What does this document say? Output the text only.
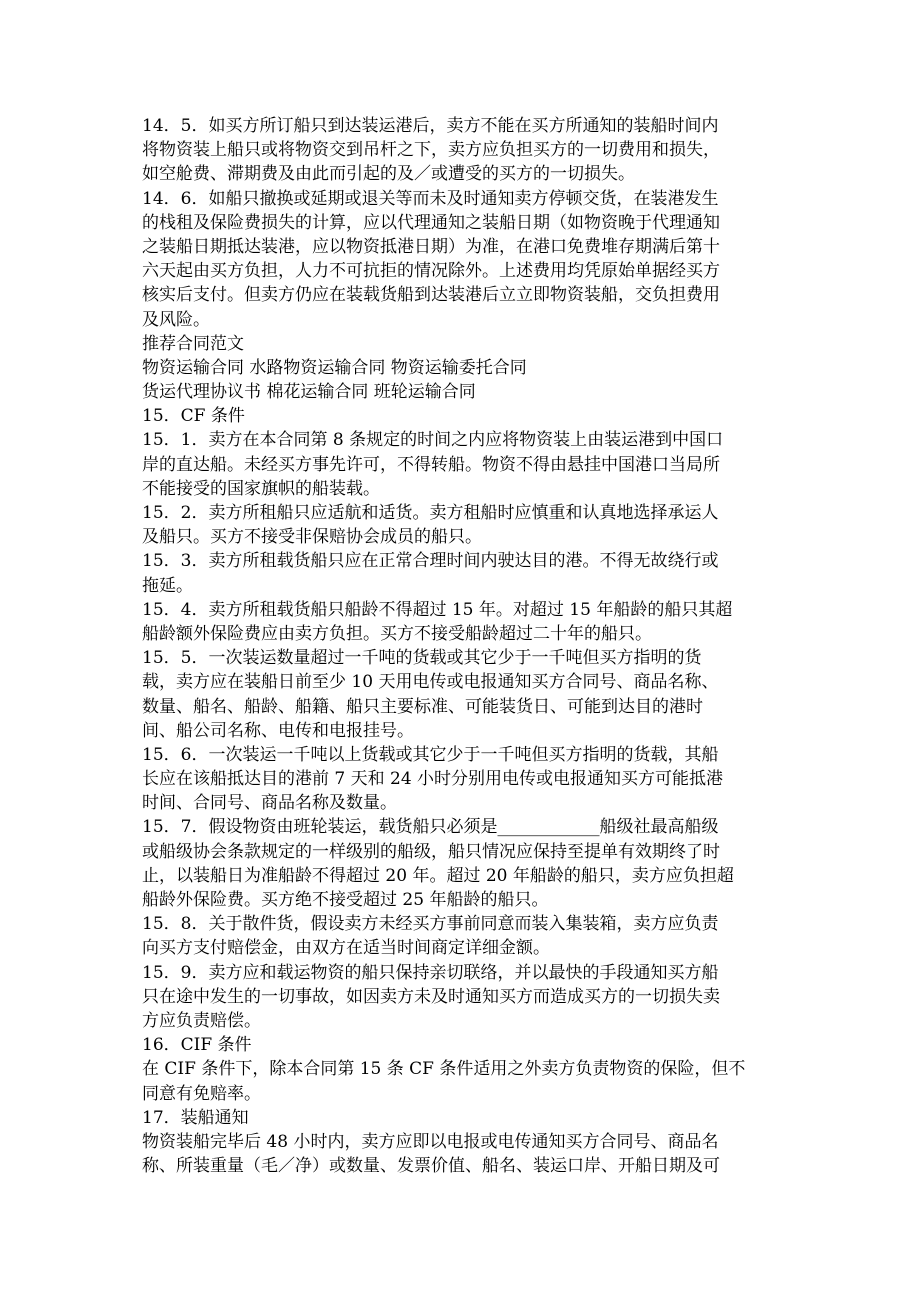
14．5．如买方所订船只到达装运港后，卖方不能在买方所通知的装船时间内
将物资装上船只或将物资交到吊杆之下，卖方应负担买方的一切费用和损失，
如空舱费、滞期费及由此而引起的及／或遭受的买方的一切损失。
14．6．如船只撤换或延期或退关等而未及时通知卖方停顿交货，在装港发生
的栈租及保险费损失的计算，应以代理通知之装船日期（如物资晚于代理通知
之装船日期抵达装港，应以物资抵港日期）为准，在港口免费堆存期满后第十
六天起由买方负担，人力不可抗拒的情况除外。上述费用均凭原始单据经买方
核实后支付。但卖方仍应在装载货船到达装港后立立即物资装船，交负担费用
及风险。
推荐合同范文
物资运输合同 水路物资运输合同 物资运输委托合同
货运代理协议书 棉花运输合同 班轮运输合同
15．CF 条件
15．1．卖方在本合同第 8 条规定的时间之内应将物资装上由装运港到中国口
岸的直达船。未经买方事先许可，不得转船。物资不得由悬挂中国港口当局所
不能接受的国家旗帜的船装载。
15．2．卖方所租船只应适航和适货。卖方租船时应慎重和认真地选择承运人
及船只。买方不接受非保赔协会成员的船只。
15．3．卖方所租载货船只应在正常合理时间内驶达目的港。不得无故绕行或
拖延。
15．4．卖方所租载货船只船龄不得超过 15 年。对超过 15 年船龄的船只其超
船龄额外保险费应由卖方负担。买方不接受船龄超过二十年的船只。
15．5．一次装运数量超过一千吨的货载或其它少于一千吨但买方指明的货
载，卖方应在装船日前至少 10 天用电传或电报通知买方合同号、商品名称、
数量、船名、船龄、船籍、船只主要标准、可能装货日、可能到达目的港时
间、船公司名称、电传和电报挂号。
15．6．一次装运一千吨以上货载或其它少于一千吨但买方指明的货载，其船
长应在该船抵达目的港前 7 天和 24 小时分别用电传或电报通知买方可能抵港
时间、合同号、商品名称及数量。
15．7．假设物资由班轮装运，载货船只必须是____________船级社最高船级
或船级协会条款规定的一样级别的船级，船只情况应保持至提单有效期终了时
止，以装船日为准船龄不得超过 20 年。超过 20 年船龄的船只，卖方应负担超
船龄外保险费。买方绝不接受超过 25 年船龄的船只。
15．8．关于散件货，假设卖方未经买方事前同意而装入集装箱，卖方应负责
向买方支付赔偿金，由双方在适当时间商定详细金额。
15．9．卖方应和载运物资的船只保持亲切联络，并以最快的手段通知买方船
只在途中发生的一切事故，如因卖方未及时通知买方而造成买方的一切损失卖
方应负责赔偿。
16．CIF 条件
在 CIF 条件下，除本合同第 15 条 CF 条件适用之外卖方负责物资的保险，但不
同意有免赔率。
17．装船通知
物资装船完毕后 48 小时内，卖方应即以电报或电传通知买方合同号、商品名
称、所装重量（毛／净）或数量、发票价值、船名、装运口岸、开船日期及可
